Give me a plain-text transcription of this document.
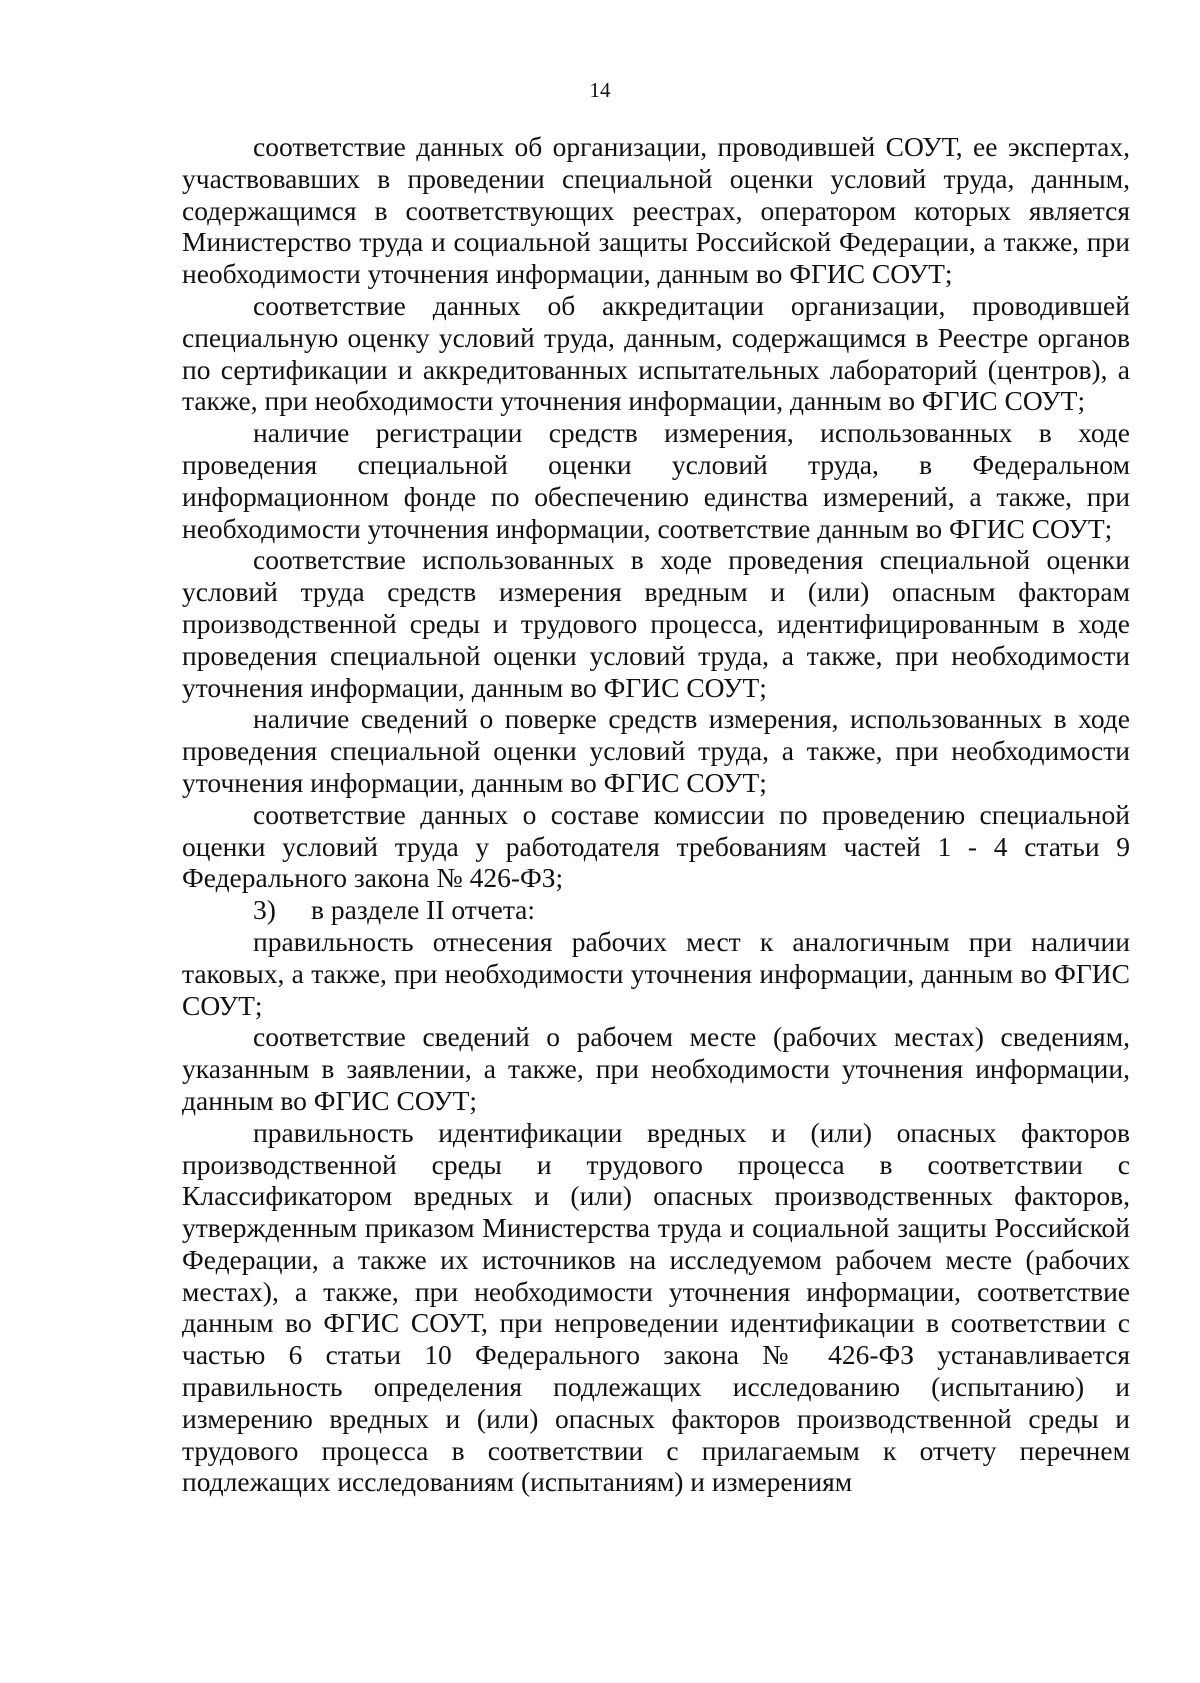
14

соответствие данных об организации, проводившей СОУТ, ее экспертах, участвовавших в проведении специальной оценки условий труда, данным, содержащимся в соответствующих реестрах, оператором которых является Министерство труда и социальной защиты Российской Федерации, а также, при необходимости уточнения информации, данным во ФГИС СОУТ;

соответствие данных об аккредитации организации, проводившей специальную оценку условий труда, данным, содержащимся в Реестре органов по сертификации и аккредитованных испытательных лабораторий (центров), а также, при необходимости уточнения информации, данным во ФГИС СОУТ;

наличие регистрации средств измерения, использованных в ходе проведения специальной оценки условий труда, в Федеральном информационном фонде по обеспечению единства измерений, а также, при необходимости уточнения информации, соответствие данным во ФГИС СОУТ;

соответствие использованных в ходе проведения специальной оценки условий труда средств измерения вредным и (или) опасным факторам производственной среды и трудового процесса, идентифицированным в ходе проведения специальной оценки условий труда, а также, при необходимости уточнения информации, данным во ФГИС СОУТ;

наличие сведений о поверке средств измерения, использованных в ходе проведения специальной оценки условий труда, а также, при необходимости уточнения информации, данным во ФГИС СОУТ;

соответствие данных о составе комиссии по проведению специальной оценки условий труда у работодателя требованиям частей 1 - 4 статьи 9 Федерального закона № 426-ФЗ;

3) в разделе II отчета:

правильность отнесения рабочих мест к аналогичным при наличии таковых, а также, при необходимости уточнения информации, данным во ФГИС СОУТ;

соответствие сведений о рабочем месте (рабочих местах) сведениям, указанным в заявлении, а также, при необходимости уточнения информации, данным во ФГИС СОУТ;

правильность идентификации вредных и (или) опасных факторов производственной среды и трудового процесса в соответствии с Классификатором вредных и (или) опасных производственных факторов, утвержденным приказом Министерства труда и социальной защиты Российской Федерации, а также их источников на исследуемом рабочем месте (рабочих местах), а также, при необходимости уточнения информации, соответствие данным во ФГИС СОУТ, при непроведении идентификации в соответствии с частью 6 статьи 10 Федерального закона № 426-ФЗ устанавливается правильность определения подлежащих исследованию (испытанию) и измерению вредных и (или) опасных факторов производственной среды и трудового процесса в соответствии с прилагаемым к отчету перечнем подлежащих исследованиям (испытаниям) и измерениям
